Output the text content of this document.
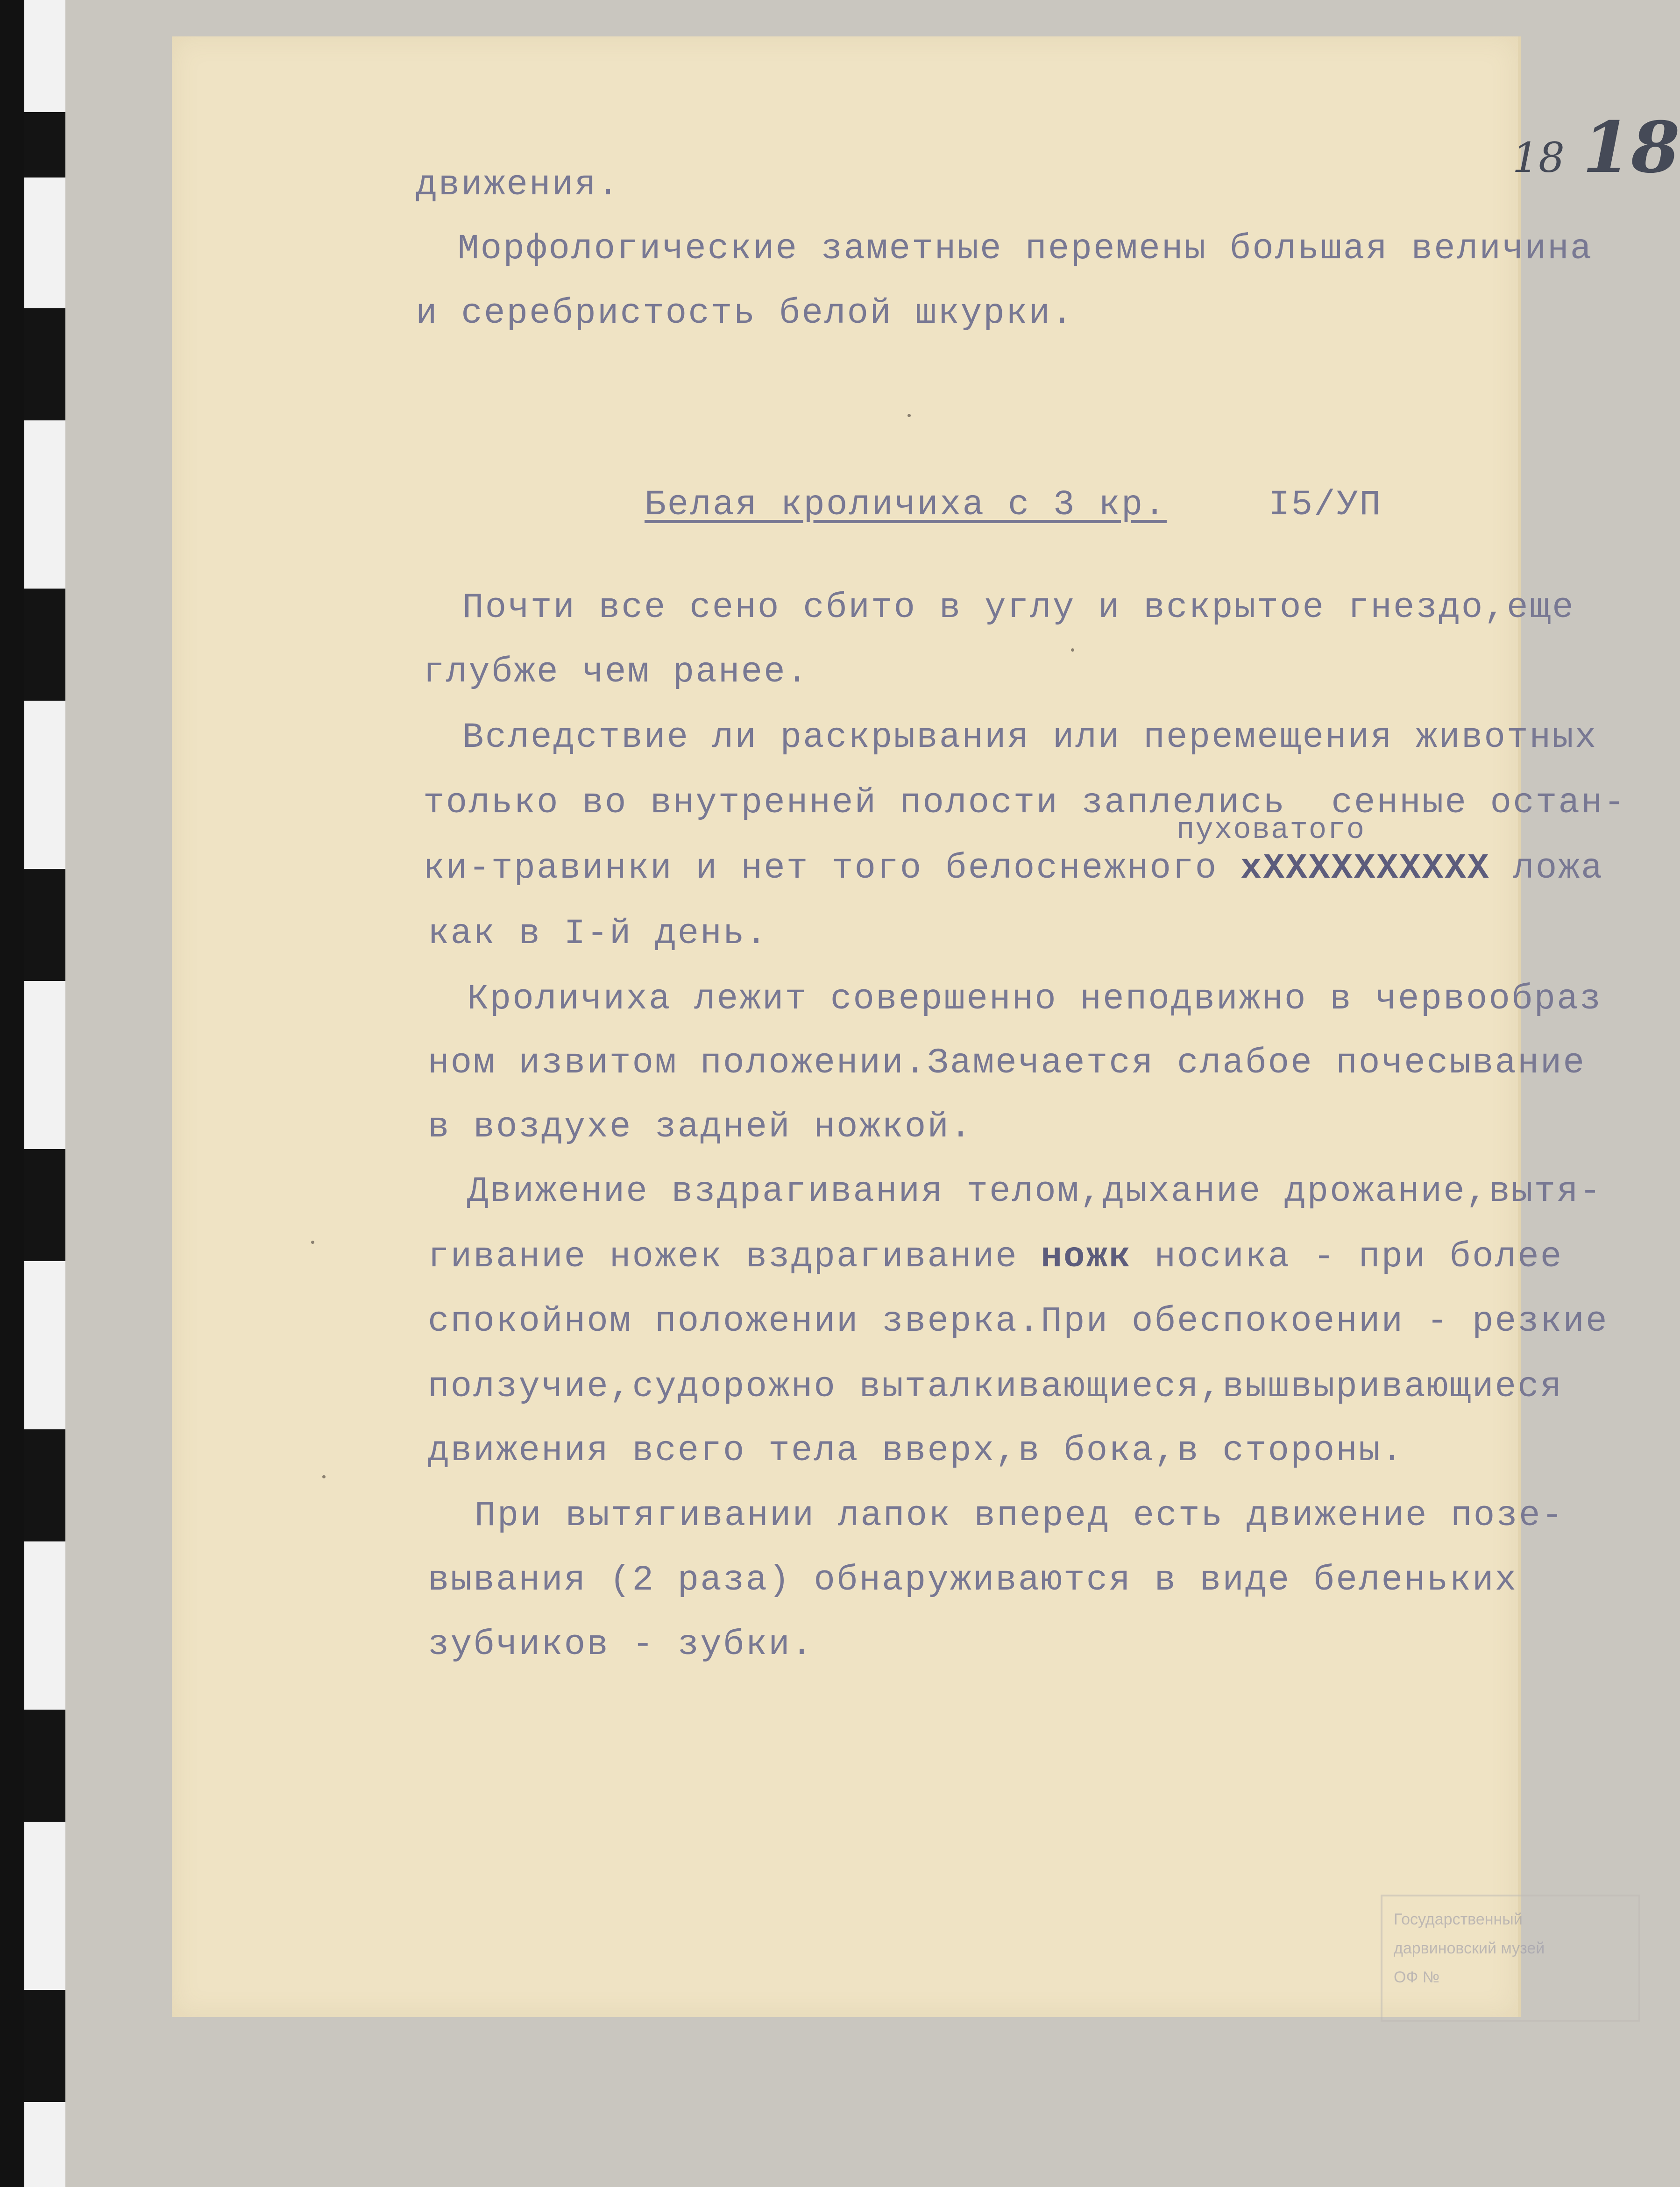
18 18

движения.

Морфологические заметные перемены большая величина

и серебристость белой шкурки.

Белая кроличиха с 3 кр.	I5/УП

Почти все сено сбито в углу и вскрытое гнездо,еще

глубже чем ранее.

Вследствие ли раскрывания или перемещения животных

только во внутренней полости заплелись  сенные остан-

пуховатого

ки-травинки и нет того белоснежного хXXXXXXXXXX ложа

как в I-й день.

Кроличиха лежит совершенно неподвижно в червообраз

ном извитом положении.Замечается слабое почесывание

в воздухе задней ножкой.

Движение вздрагивания телом,дыхание дрожание,вытя-

гивание ножек вздрагивание ножк носика - при более

спокойном положении зверка.При обеспокоении - резкие

ползучие,судорожно выталкивающиеся,вышвыривающиеся

движения всего тела вверх,в бока,в стороны.

При вытягивании лапок вперед есть движение позе-

вывания (2 раза) обнаруживаются в виде беленьких

зубчиков - зубки.

Государственный
дарвиновский музей
ОФ №
